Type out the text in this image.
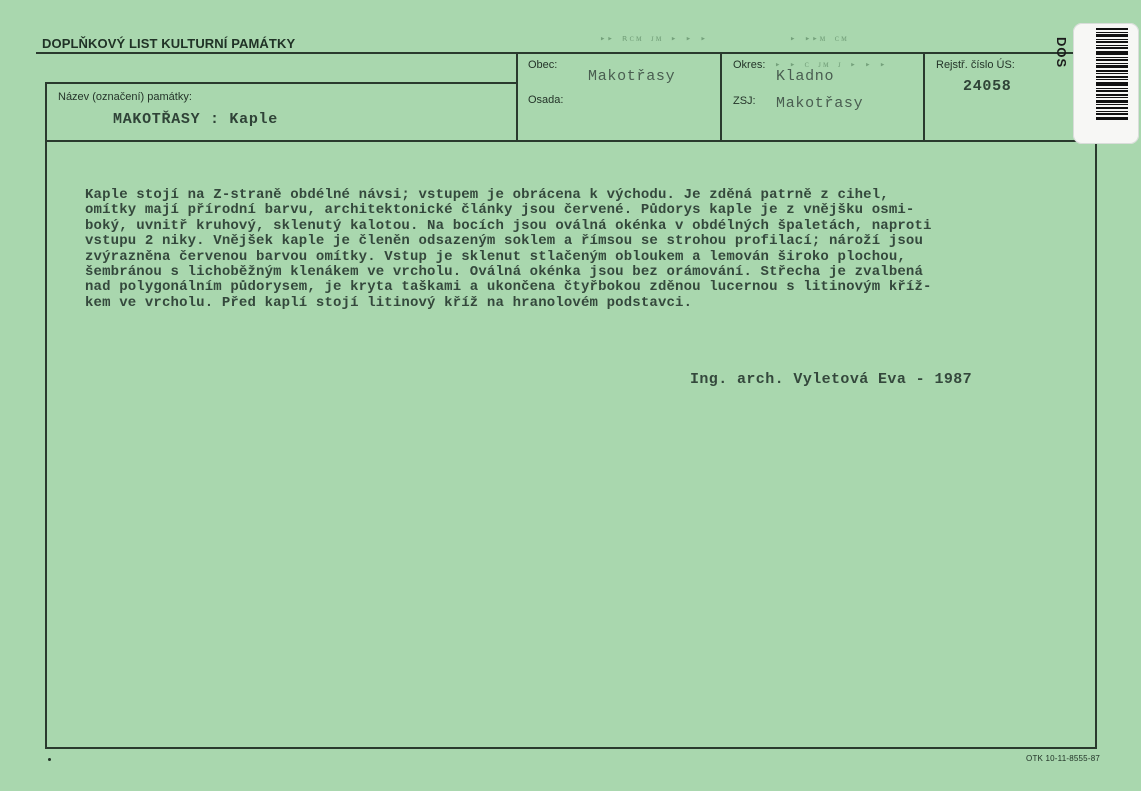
DOPLŇKOVÝ LIST KULTURNÍ PAMÁTKY	▸▸ ʀᴄᴍ ᴊᴍ ▸ ▸ ▸	▸ ▸▸ᴍ ᴄᴍ
Název (označení) památky:
MAKOTŘASY : Kaple
Obec:
Makotřasy
Osada:
Okres: ▸ ▸ ᴄ ᴊᴍ ᴊ ▸ ▸ ▸
Kladno
ZSJ: Makotřasy
Rejstř. číslo ÚS:
24058
Kaple stojí na Z-straně obdélné návsi; vstupem je obrácena k východu. Je zděná patrně z cihel,
omítky mají přírodní barvu, architektonické články jsou červené. Půdorys kaple je z vnějšku osmi-
boký, uvnitř kruhový, sklenutý kalotou. Na bocích jsou oválná okénka v obdélných špaletách, naproti
vstupu 2 niky. Vnějšek kaple je členěn odsazeným soklem a římsou se strohou profilací; nároží jsou
zvýrazněna červenou barvou omítky. Vstup je sklenut stlačeným obloukem a lemován široko plochou,
šembránou s lichoběžným klenákem ve vrcholu. Oválná okénka jsou bez orámování. Střecha je zvalbená
nad polygonálním půdorysem, je kryta taškami a ukončena čtyřbokou zděnou lucernou s litinovým kříž-
kem ve vrcholu. Před kaplí stojí litinový kříž na hranolovém podstavci.
Ing. arch. Vyletová Eva - 1987
OTK 10-11-8555-87
DOS
